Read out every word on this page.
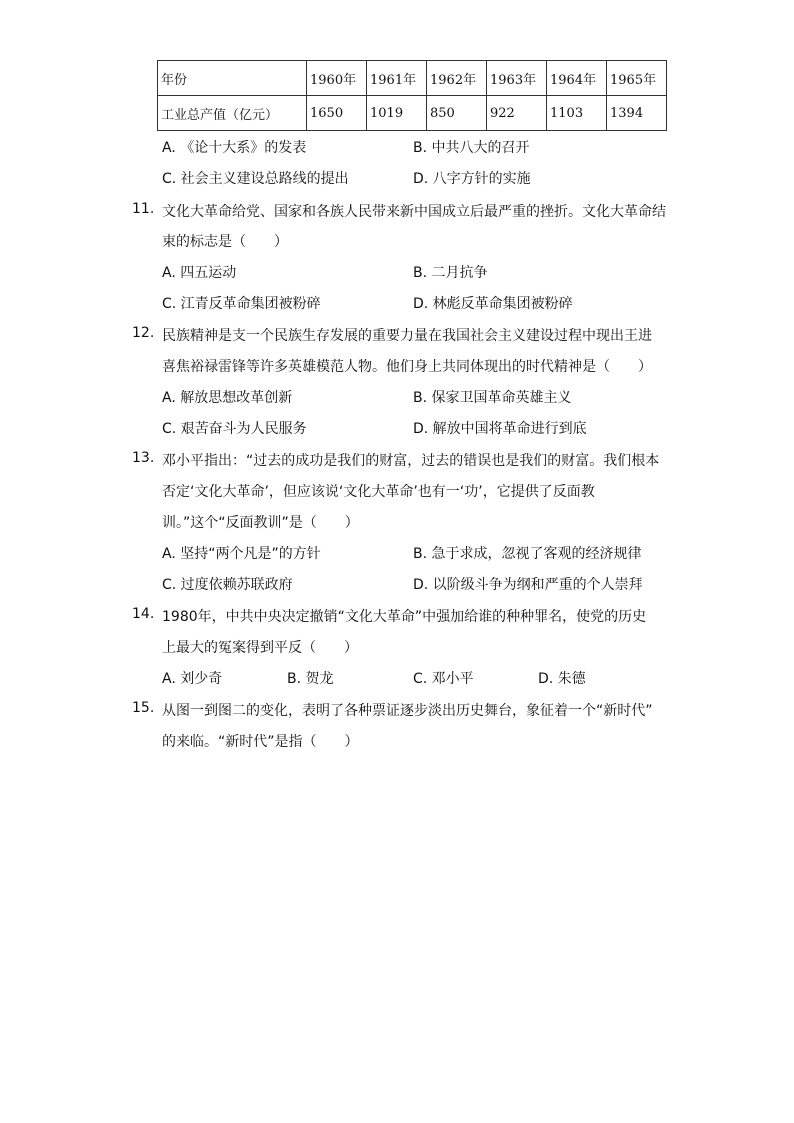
年份	1960年	1961年	1962年	1963年	1964年	1965年
工业总产值（亿元）	1650	1019	850	922	1103	1394
A. 《论十大系》的发表	B. 中共八大的召开
C. 社会主义建设总路线的提出	D. 八字方针的实施
11. 文化大革命给党、国家和各族人民带来新中国成立后最严重的挫折。文化大革命结
束的标志是（　　）
A. 四五运动	B. 二月抗争
C. 江青反革命集团被粉碎	D. 林彪反革命集团被粉碎
12. 民族精神是支一个民族生存发展的重要力量在我国社会主义建设过程中现出王进
喜焦裕禄雷锋等许多英雄模范人物。他们身上共同体现出的时代精神是（　　）
A. 解放思想改革创新	B. 保家卫国革命英雄主义
C. 艰苦奋斗为人民服务	D. 解放中国将革命进行到底
13. 邓小平指出：“过去的成功是我们的财富，过去的错误也是我们的财富。我们根本
否定‘文化大革命’，但应该说‘文化大革命’也有一‘功’，它提供了反面教
训。”这个“反面教训”是（　　）
A. 坚持“两个凡是”的方针	B. 急于求成，忽视了客观的经济规律
C. 过度依赖苏联政府	D. 以阶级斗争为纲和严重的个人崇拜
14. 1980年，中共中央决定撤销“文化大革命”中强加给谁的种种罪名，使党的历史
上最大的冤案得到平反（　　）
A. 刘少奇	B. 贺龙	C. 邓小平	D. 朱德
15. 从图一到图二的变化，表明了各种票证逐步淡出历史舞台，象征着一个“新时代”
的来临。“新时代”是指（　　）
